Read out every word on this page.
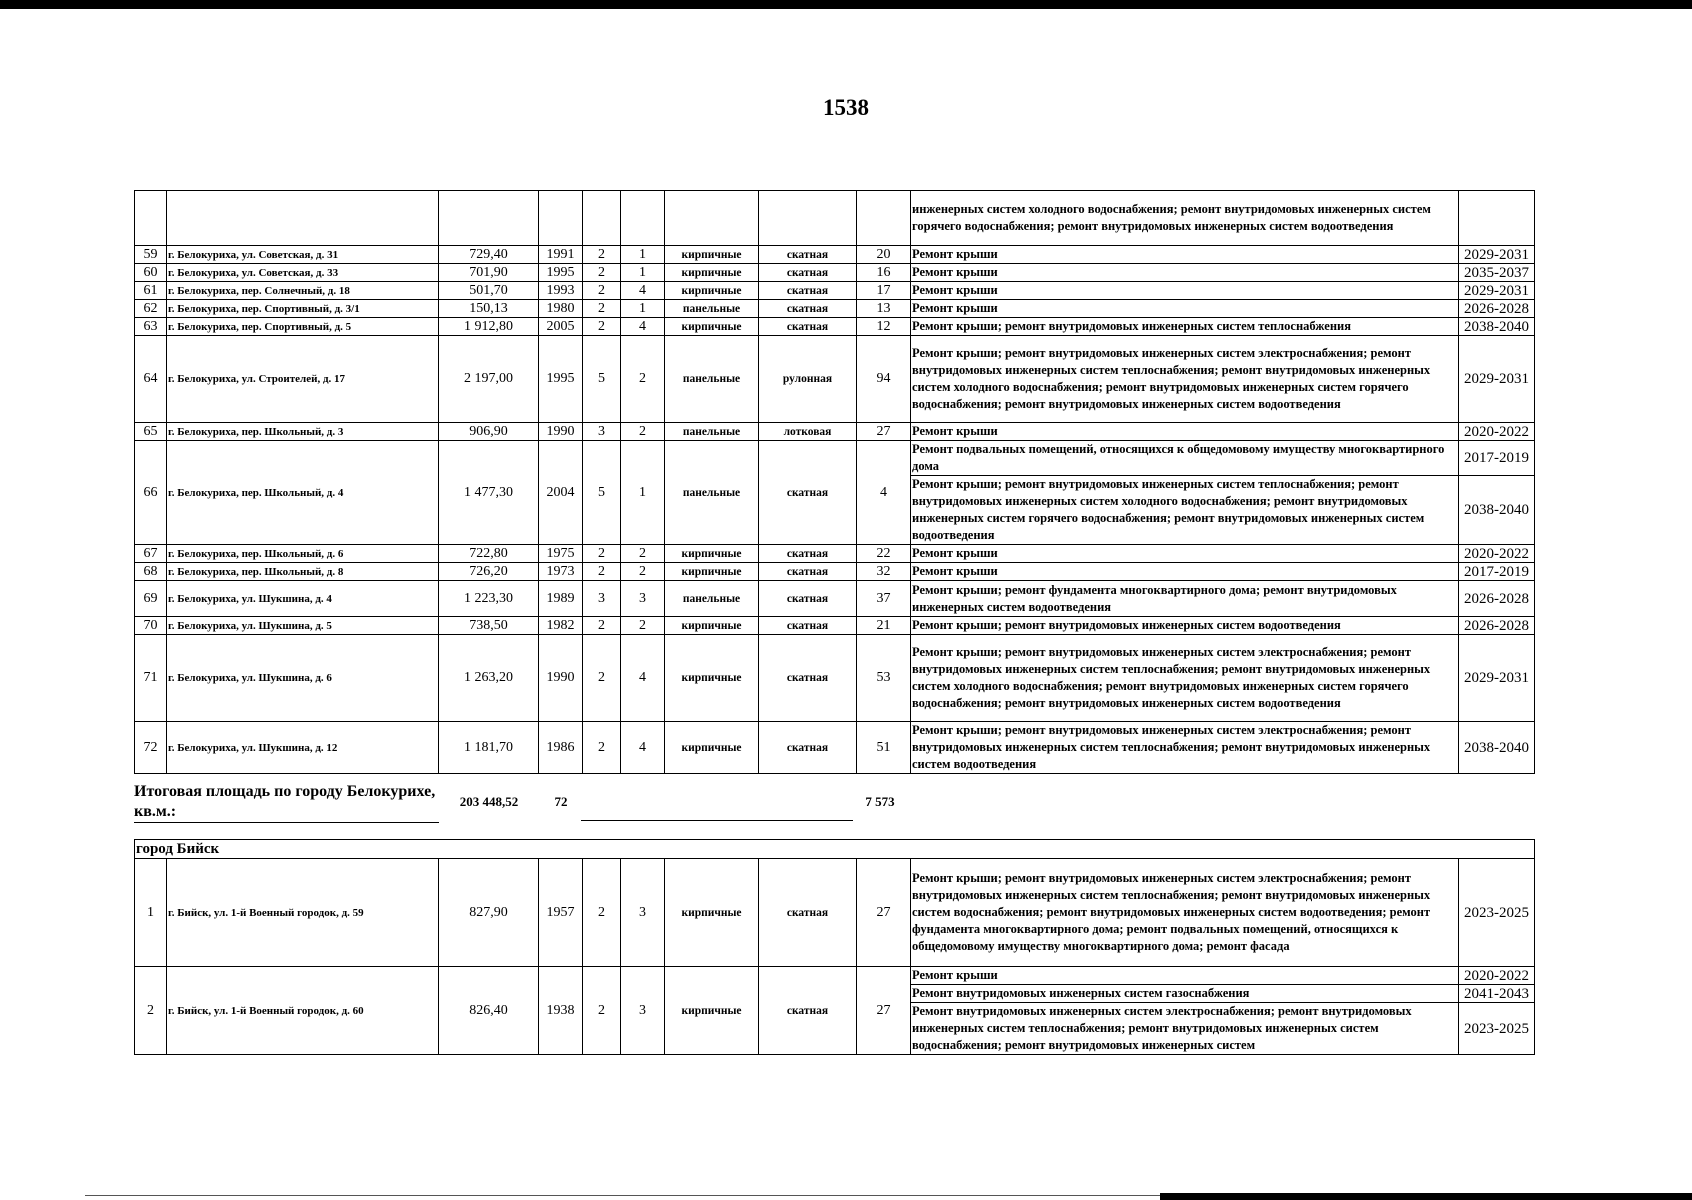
1538
									инженерных систем холодного водоснабжения; ремонт внутридомовых инженерных систем горячего водоснабжения; ремонт внутридомовых инженерных систем водоотведения	
59	г. Белокуриха, ул. Советская, д. 31	729,40	1991	2	1	кирпичные	скатная	20	Ремонт крыши	2029-2031
60	г. Белокуриха, ул. Советская, д. 33	701,90	1995	2	1	кирпичные	скатная	16	Ремонт крыши	2035-2037
61	г. Белокуриха, пер. Солнечный, д. 18	501,70	1993	2	4	кирпичные	скатная	17	Ремонт крыши	2029-2031
62	г. Белокуриха, пер. Спортивный, д. 3/1	150,13	1980	2	1	панельные	скатная	13	Ремонт крыши	2026-2028
63	г. Белокуриха, пер. Спортивный, д. 5	1 912,80	2005	2	4	кирпичные	скатная	12	Ремонт крыши; ремонт внутридомовых инженерных систем теплоснабжения	2038-2040
64	г. Белокуриха, ул. Строителей, д. 17	2 197,00	1995	5	2	панельные	рулонная	94	Ремонт крыши; ремонт внутридомовых инженерных систем электроснабжения; ремонт внутридомовых инженерных систем теплоснабжения; ремонт внутридомовых инженерных систем холодного водоснабжения; ремонт внутридомовых инженерных систем горячего водоснабжения; ремонт внутридомовых инженерных систем водоотведения	2029-2031
65	г. Белокуриха, пер. Школьный, д. 3	906,90	1990	3	2	панельные	лотковая	27	Ремонт крыши	2020-2022
66	г. Белокуриха, пер. Школьный, д. 4	1 477,30	2004	5	1	панельные	скатная	4	Ремонт подвальных помещений, относящихся к общедомовому имуществу многоквартирного дома	2017-2019
									Ремонт крыши; ремонт внутридомовых инженерных систем теплоснабжения; ремонт внутридомовых инженерных систем холодного водоснабжения; ремонт внутридомовых инженерных систем горячего водоснабжения; ремонт внутридомовых инженерных систем водоотведения	2038-2040
67	г. Белокуриха, пер. Школьный, д. 6	722,80	1975	2	2	кирпичные	скатная	22	Ремонт крыши	2020-2022
68	г. Белокуриха, пер. Школьный, д. 8	726,20	1973	2	2	кирпичные	скатная	32	Ремонт крыши	2017-2019
69	г. Белокуриха, ул. Шукшина, д. 4	1 223,30	1989	3	3	панельные	скатная	37	Ремонт крыши; ремонт фундамента многоквартирного дома; ремонт внутридомовых инженерных систем водоотведения	2026-2028
70	г. Белокуриха, ул. Шукшина, д. 5	738,50	1982	2	2	кирпичные	скатная	21	Ремонт крыши; ремонт внутридомовых инженерных систем водоотведения	2026-2028
71	г. Белокуриха, ул. Шукшина, д. 6	1 263,20	1990	2	4	кирпичные	скатная	53	Ремонт крыши; ремонт внутридомовых инженерных систем электроснабжения; ремонт внутридомовых инженерных систем теплоснабжения; ремонт внутридомовых инженерных систем холодного водоснабжения; ремонт внутридомовых инженерных систем горячего водоснабжения; ремонт внутридомовых инженерных систем водоотведения	2029-2031
72	г. Белокуриха, ул. Шукшина, д. 12	1 181,70	1986	2	4	кирпичные	скатная	51	Ремонт крыши; ремонт внутридомовых инженерных систем электроснабжения; ремонт внутридомовых инженерных систем теплоснабжения; ремонт внутридомовых инженерных систем водоотведения	2038-2040
Итоговая площадь по городу Белокурихе, кв.м.:
203 448,52	72	7 573
город Бийск										
1	г. Бийск, ул. 1-й Военный городок, д. 59	827,90	1957	2	3	кирпичные	скатная	27	Ремонт крыши; ремонт внутридомовых инженерных систем электроснабжения; ремонт внутридомовых инженерных систем теплоснабжения; ремонт внутридомовых инженерных систем водоснабжения; ремонт внутридомовых инженерных систем водоотведения; ремонт фундамента многоквартирного дома; ремонт подвальных помещений, относящихся к общедомовому имуществу многоквартирного дома; ремонт фасада	2023-2025
2	г. Бийск, ул. 1-й Военный городок, д. 60	826,40	1938	2	3	кирпичные	скатная	27	Ремонт крыши	2020-2022
									Ремонт внутридомовых инженерных систем газоснабжения	2041-2043
									Ремонт внутридомовых инженерных систем электроснабжения; ремонт внутридомовых инженерных систем теплоснабжения; ремонт внутридомовых инженерных систем водоснабжения; ремонт внутридомовых инженерных систем	2023-2025
